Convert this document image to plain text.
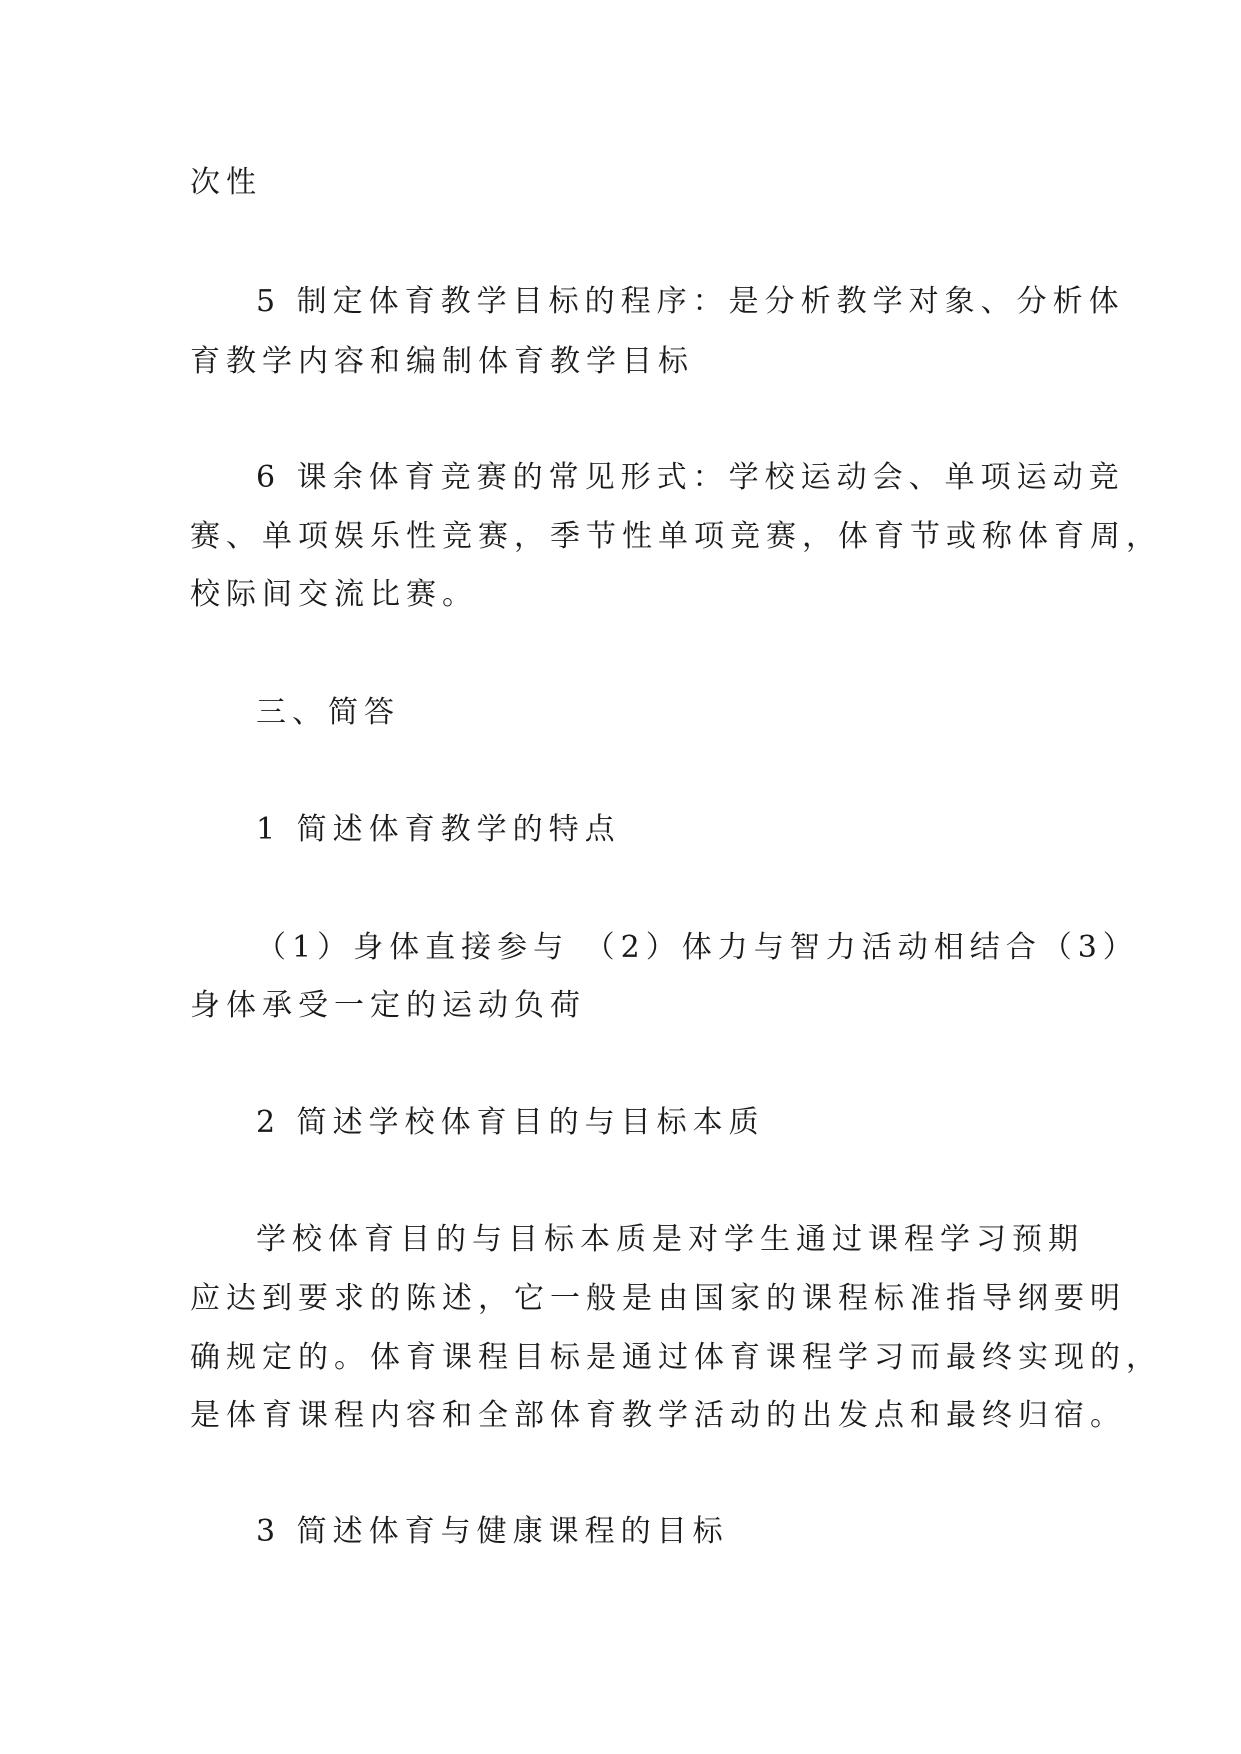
次性
5 制定体育教学目标的程序：是分析教学对象、分析体
育教学内容和编制体育教学目标
6 课余体育竞赛的常见形式：学校运动会、单项运动竞
赛、单项娱乐性竞赛，季节性单项竞赛，体育节或称体育周，
校际间交流比赛。
三、简答
1 简述体育教学的特点
（1）身体直接参与 （2）体力与智力活动相结合（3）
身体承受一定的运动负荷
2 简述学校体育目的与目标本质
学校体育目的与目标本质是对学生通过课程学习预期
应达到要求的陈述，它一般是由国家的课程标准指导纲要明
确规定的。体育课程目标是通过体育课程学习而最终实现的，
是体育课程内容和全部体育教学活动的出发点和最终归宿。
3 简述体育与健康课程的目标
